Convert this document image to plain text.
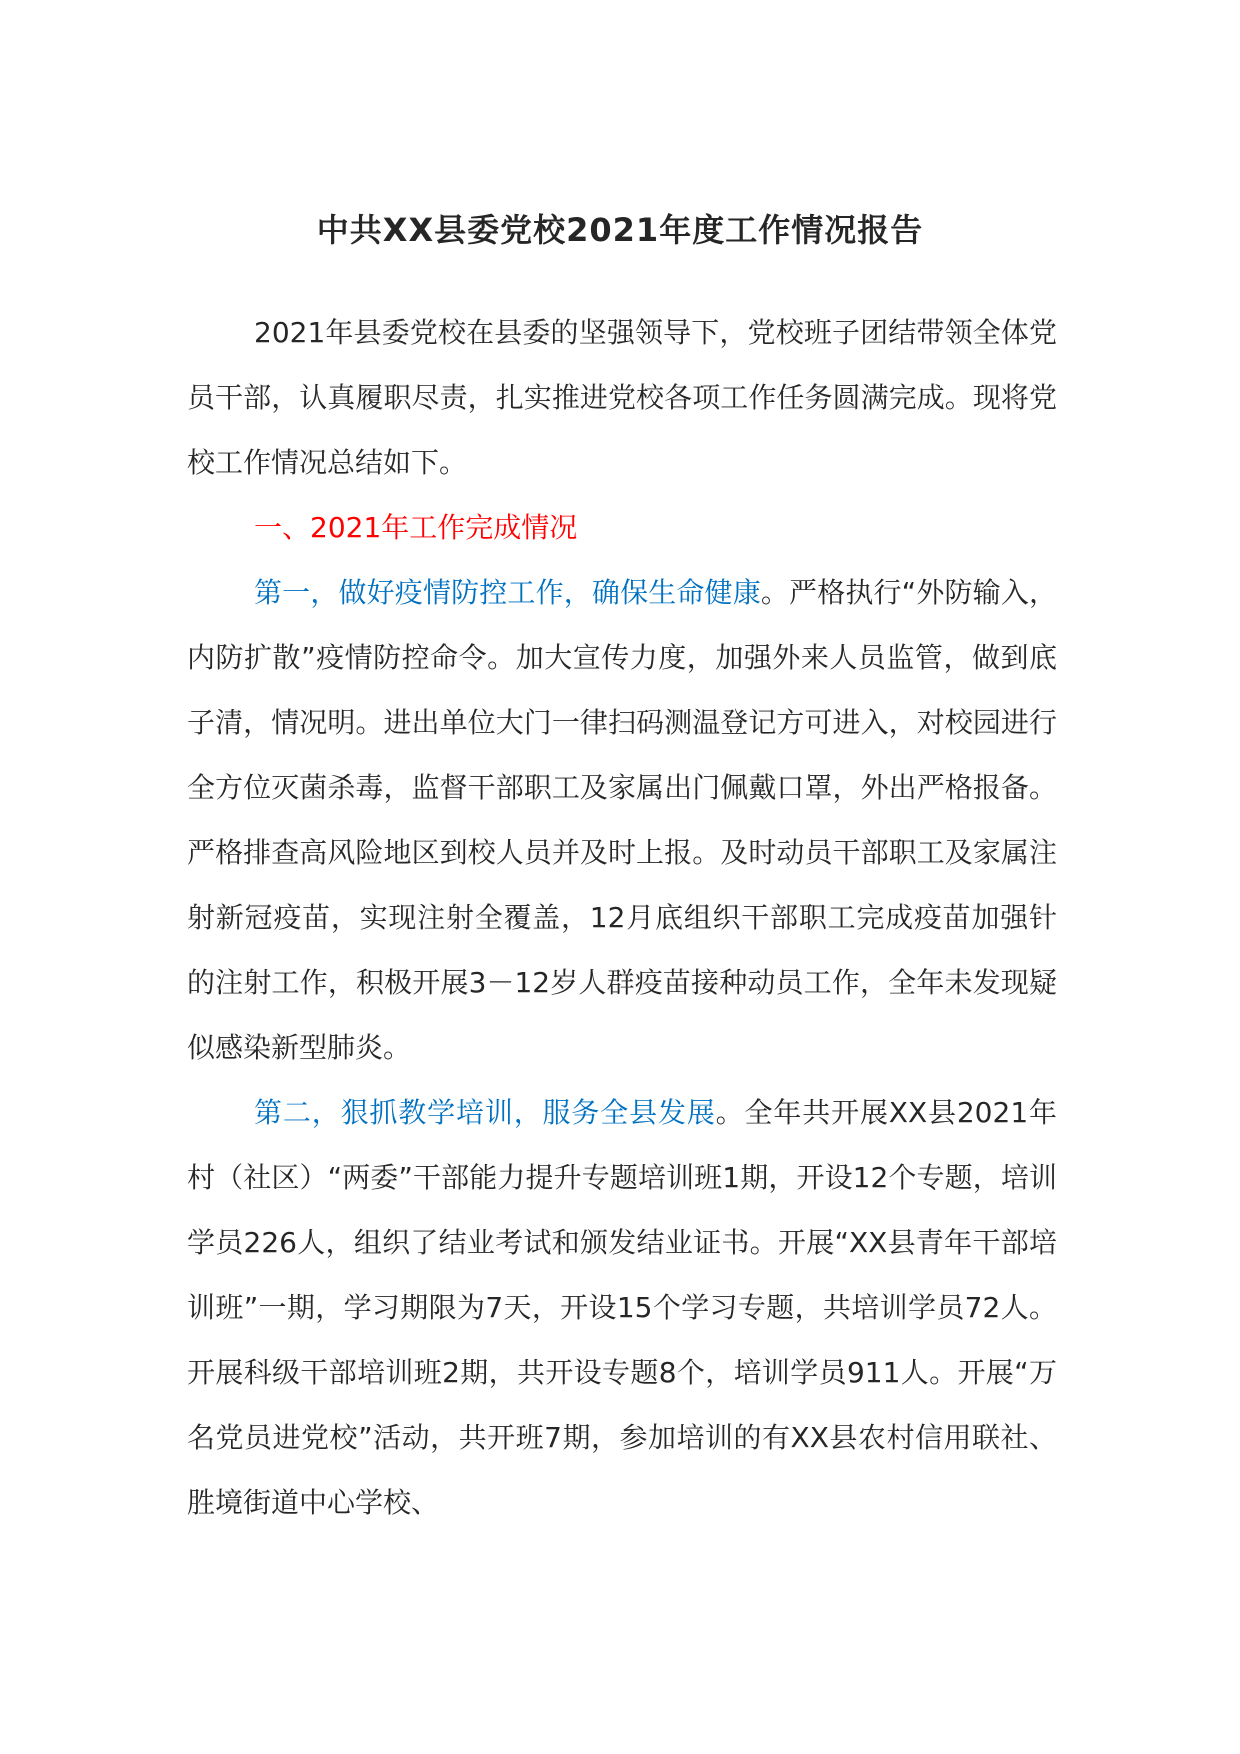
中共XX县委党校2021年度工作情况报告

2021年县委党校在县委的坚强领导下，党校班子团结带领全体党员干部，认真履职尽责，扎实推进党校各项工作任务圆满完成。现将党校工作情况总结如下。

一、2021年工作完成情况

第一，做好疫情防控工作，确保生命健康。严格执行“外防输入，内防扩散”疫情防控命令。加大宣传力度，加强外来人员监管，做到底子清，情况明。进出单位大门一律扫码测温登记方可进入，对校园进行全方位灭菌杀毒，监督干部职工及家属出门佩戴口罩，外出严格报备。严格排查高风险地区到校人员并及时上报。及时动员干部职工及家属注射新冠疫苗，实现注射全覆盖，12月底组织干部职工完成疫苗加强针的注射工作，积极开展3－12岁人群疫苗接种动员工作，全年未发现疑似感染新型肺炎。

第二，狠抓教学培训，服务全县发展。全年共开展XX县2021年村（社区）“两委”干部能力提升专题培训班1期，开设12个专题，培训学员226人，组织了结业考试和颁发结业证书。开展“XX县青年干部培训班”一期，学习期限为7天，开设15个学习专题，共培训学员72人。开展科级干部培训班2期，共开设专题8个，培训学员911人。开展“万名党员进党校”活动，共开班7期，参加培训的有XX县农村信用联社、胜境街道中心学校、
